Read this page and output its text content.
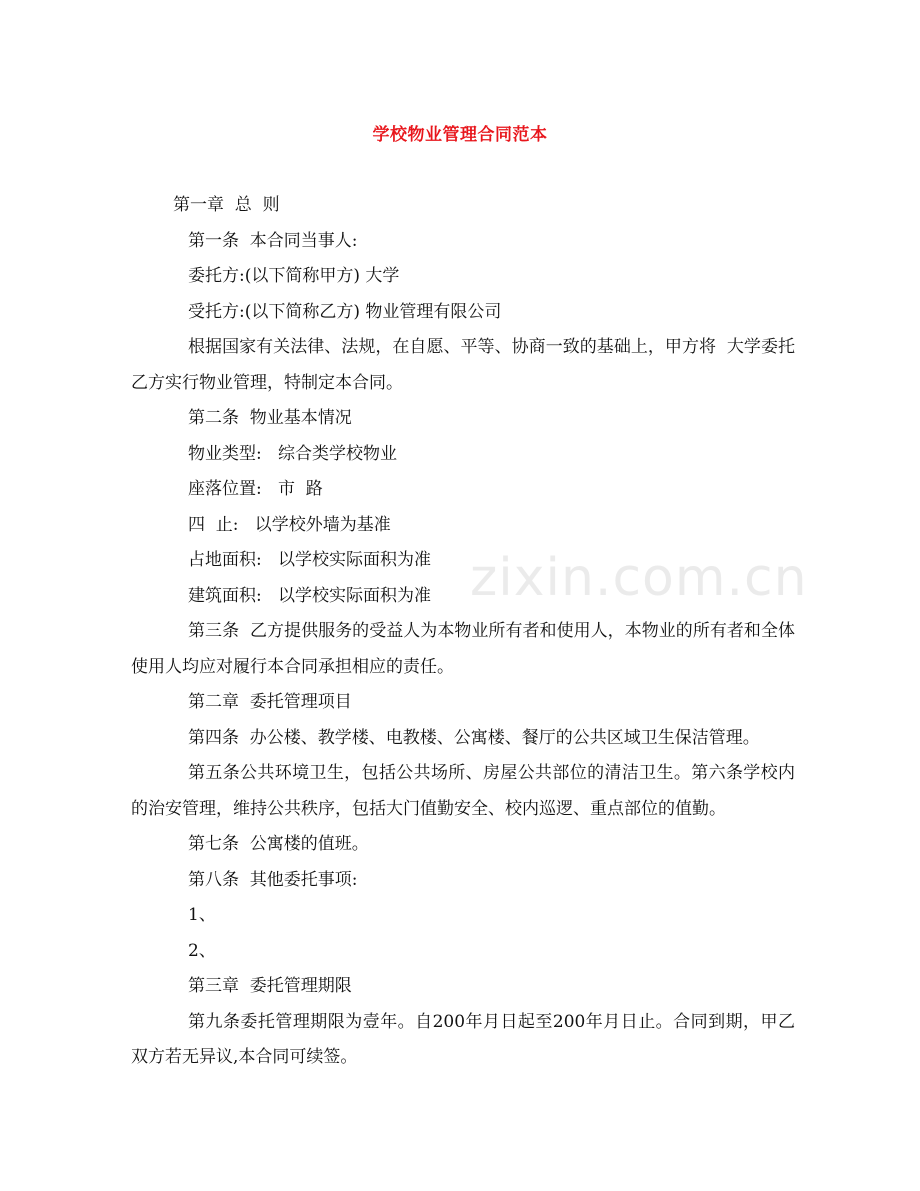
zixin.com.cn
学校物业管理合同范本

第一章  总  则

第一条  本合同当事人:

委托方:(以下简称甲方) 大学

受托方:(以下简称乙方) 物业管理有限公司

根据国家有关法律、法规，在自愿、平等、协商一致的基础上，甲方将  大学委托乙方实行物业管理，特制定本合同。

第二条  物业基本情况

物业类型:   综合类学校物业

座落位置:   市  路

四  止:   以学校外墙为基准

占地面积:   以学校实际面积为准

建筑面积:   以学校实际面积为准

第三条  乙方提供服务的受益人为本物业所有者和使用人，本物业的所有者和全体使用人均应对履行本合同承担相应的责任。

第二章  委托管理项目

第四条  办公楼、教学楼、电教楼、公寓楼、餐厅的公共区域卫生保洁管理。

第五条公共环境卫生，包括公共场所、房屋公共部位的清洁卫生。第六条学校内的治安管理，维持公共秩序，包括大门值勤安全、校内巡逻、重点部位的值勤。

第七条  公寓楼的值班。

第八条  其他委托事项:

1、

2、

第三章  委托管理期限

第九条委托管理期限为壹年。自200年月日起至200年月日止。合同到期，甲乙双方若无异议,本合同可续签。
